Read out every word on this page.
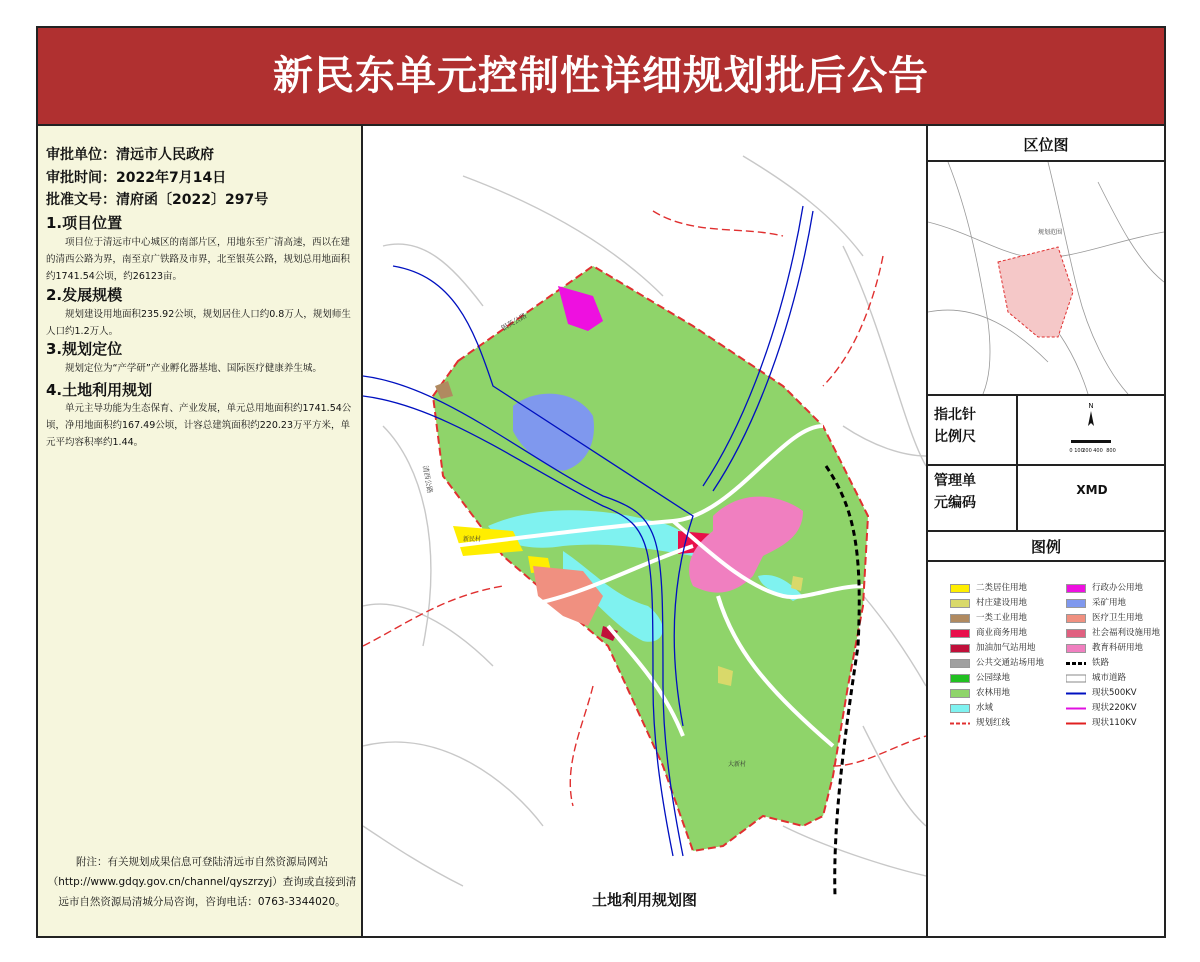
新民东单元控制性详细规划批后公告
审批单位：清远市人民政府
审批时间：2022年7月14日
批准文号：清府函〔2022〕297号
1.项目位置
项目位于清远市中心城区的南部片区，用地东至广清高速，西以在建的清西公路为界，南至京广铁路及市界，北至银英公路，规划总用地面积约1741.54公顷，约26123亩。
2.发展规模
规划建设用地面积235.92公顷，规划居住人口约0.8万人，规划师生人口约1.2万人。
3.规划定位
规划定位为“产学研”产业孵化器基地、国际医疗健康养生城。
4.土地利用规划
单元主导功能为生态保育、产业发展，单元总用地面积约1741.54公顷，净用地面积约167.49公顷，计容总建筑面积约220.23万平方米，单元平均容积率约1.44。
附注：有关规划成果信息可登陆清远市自然资源局网站（http://www.gdqy.gov.cn/channel/qyszrzyj）查询或直接到清远市自然资源局清城分局咨询，咨询电话：0763-3344020。
银英公路
清西公路
新民村
大新村
土地利用规划图
区位图
规划范围
指北针
比例尺
N
0 100
200 400 800
管理单
元编码
XMD
图例
二类居住用地
村庄建设用地
一类工业用地
商业商务用地
加油加气站用地
公共交通站场用地
公园绿地
农林用地
水域
规划红线
行政办公用地
采矿用地
医疗卫生用地
社会福利设施用地
教育科研用地
铁路
城市道路
现状500KV
现状220KV
现状110KV
